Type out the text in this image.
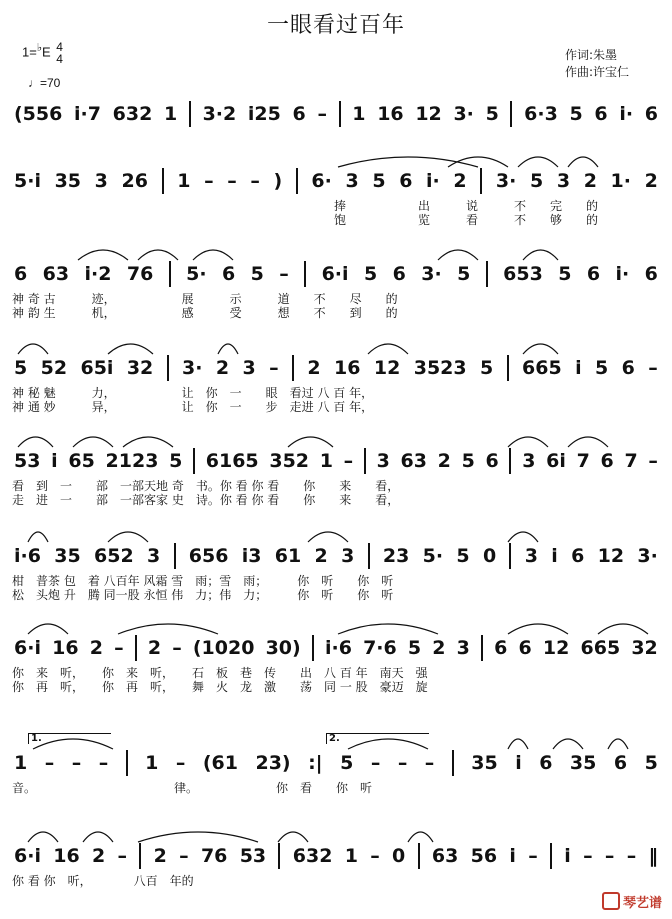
一眼看过百年
1=♭E 4
4
♩=70
作词:朱墨
作曲:许宝仁
(556 i·7 632 1 3·2 i25 6 – 1 16 12 3· 5 6·3 5 6 i· 6
5·i 35 3 26 1 – – – ) 6· 3 5 6 i· 2 3· 5 3 2 1· 2
捧　　　　　　出　　　说　　　不　　完　　的
饱　　　　　　览　　　看　　　不　　够　　的
6 63 i·2 76 5· 6 5 – 6·i 5 6 3· 5 653 5 6 i· 6
神 奇 古　　　迹，　　　　　　展　　　示　　　道　　不　　尽　　的
神 韵 生　　　机，　　　　　　感　　　受　　　想　　不　　到　　的
5 52 65i 32 3· 2 3 – 2 16 12 3523 5 665 i 5 6 –
神 秘 魅　　　力，　　　　　　让　你　一　　眼　看过 八 百 年，
神 通 妙　　　异，　　　　　　让　你　一　　步　走进 八 百 年，
53 i 65 2123 5 6165 352 1 – 3 63 2 5 6 3 6i 7 6 7 –
看　到　一　　部　一部天地 奇　书。你 看 你 看　　你　　来　　看，
走　进　一　　部　一部客家 史　诗。你 看 你 看　　你　　来　　看，
i·6 35 652 3 656 i3 61 2 3 23 5· 5 0 3 i 6 12 3·
柑　普茶 包　着 八百年 风霜 雪　雨；雪　雨；　　　你　听　　你　听
松　头炮 升　腾 同一股 永恒 伟　力；伟　力；　　　你　听　　你　听
6·i 16 2 – 2 – (1020 30) i·6 7·6 5 2 3 6 6 12 665 32
你　来　听，　　你　来　听，　　石　板　巷　传　　出　八 百 年　南天　强
你　再　听，　　你　再　听，　　舞　火　龙　激　　荡　同 一 股　豪迈　旋
1 – – – 1 – (61 23) :| 5 – – – 35 i 6 35 6 5
音。　　　　　　　　　　　　律。　　　　　　　你　看　　你　听
1.	2.
6·i 16 2 – 2 – 76 53 632 1 – 0 63 56 i – i – – – ‖
你 看 你　听，　　　　八百　年的
琴艺谱
